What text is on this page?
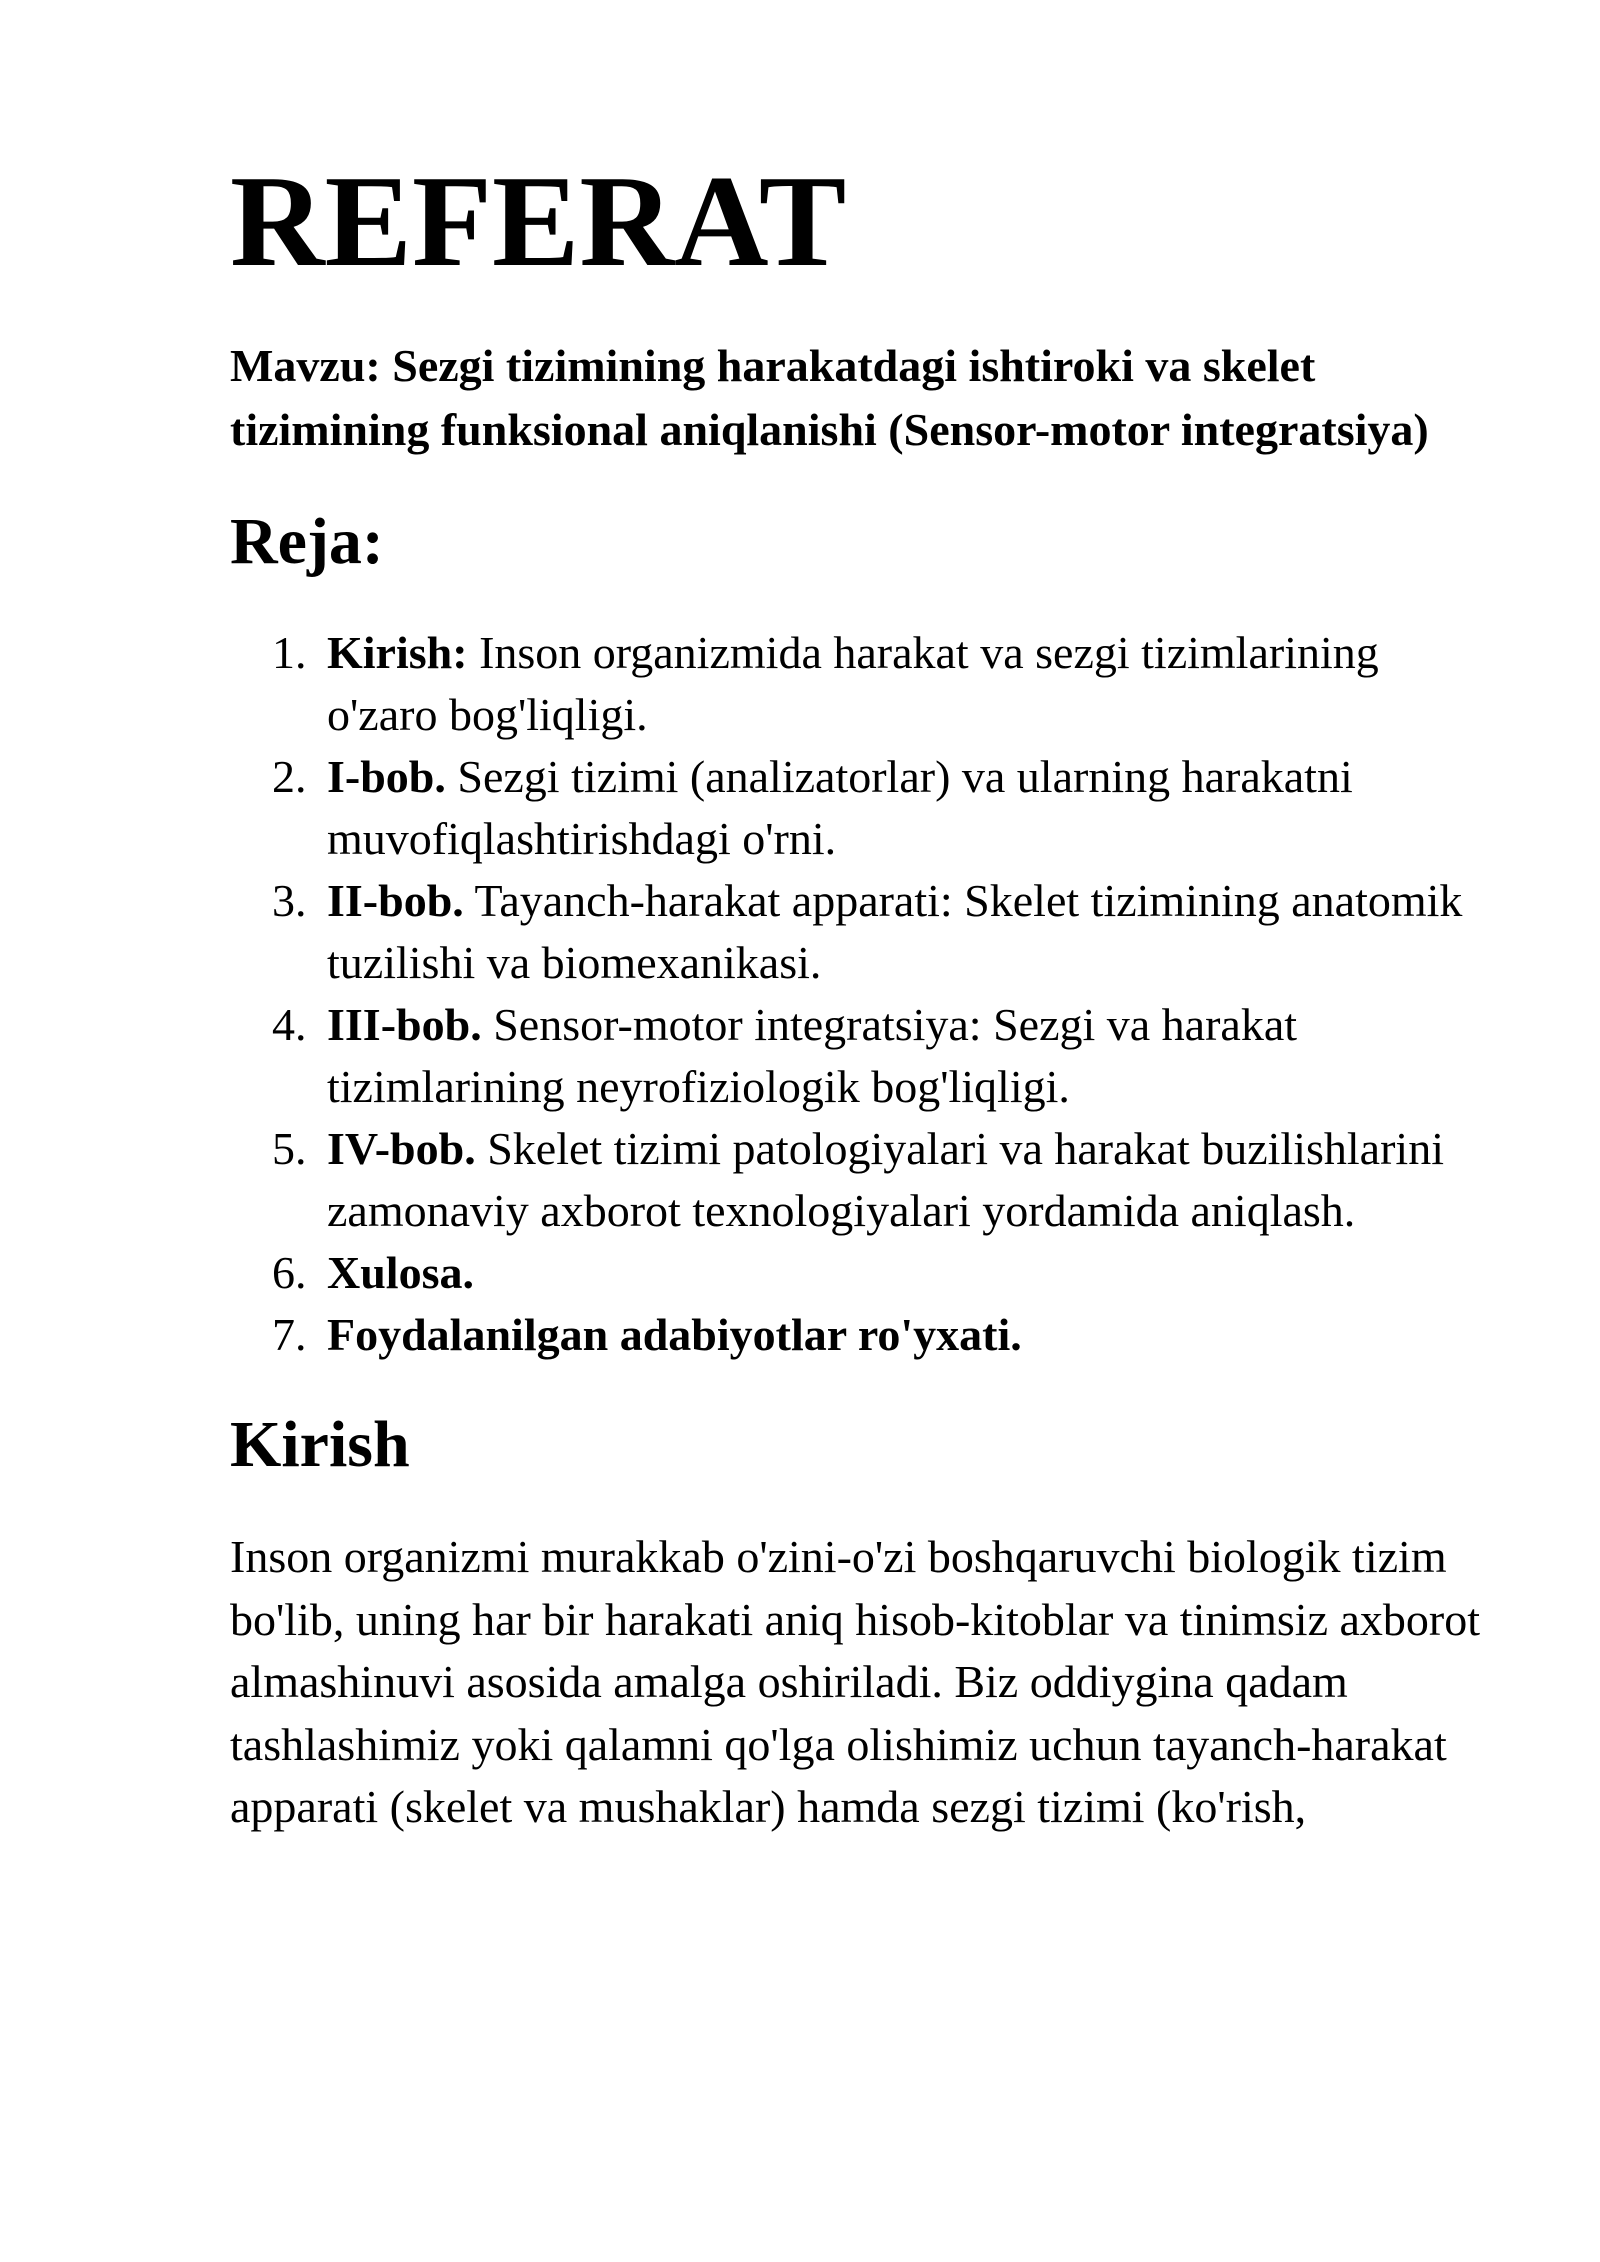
REFERAT

Mavzu: Sezgi tizimining harakatdagi ishtiroki va skelet tizimining funksional aniqlanishi (Sensor-motor integratsiya)

Reja:
1. Kirish: Inson organizmida harakat va sezgi tizimlarining o'zaro bog'liqligi.
2. I-bob. Sezgi tizimi (analizatorlar) va ularning harakatni muvofiqlashtirishdagi o'rni.
3. II-bob. Tayanch-harakat apparati: Skelet tizimining anatomik tuzilishi va biomexanikasi.
4. III-bob. Sensor-motor integratsiya: Sezgi va harakat tizimlarining neyrofiziologik bog'liqligi.
5. IV-bob. Skelet tizimi patologiyalari va harakat buzilishlarini zamonaviy axborot texnologiyalari yordamida aniqlash.
6. Xulosa.
7. Foydalanilgan adabiyotlar ro'yxati.
Kirish

Inson organizmi murakkab o'zini-o'zi boshqaruvchi biologik tizim bo'lib, uning har bir harakati aniq hisob-kitoblar va tinimsiz axborot almashinuvi asosida amalga oshiriladi. Biz oddiygina qadam tashlashimiz yoki qalamni qo'lga olishimiz uchun tayanch-harakat apparati (skelet va mushaklar) hamda sezgi tizimi (ko'rish,
